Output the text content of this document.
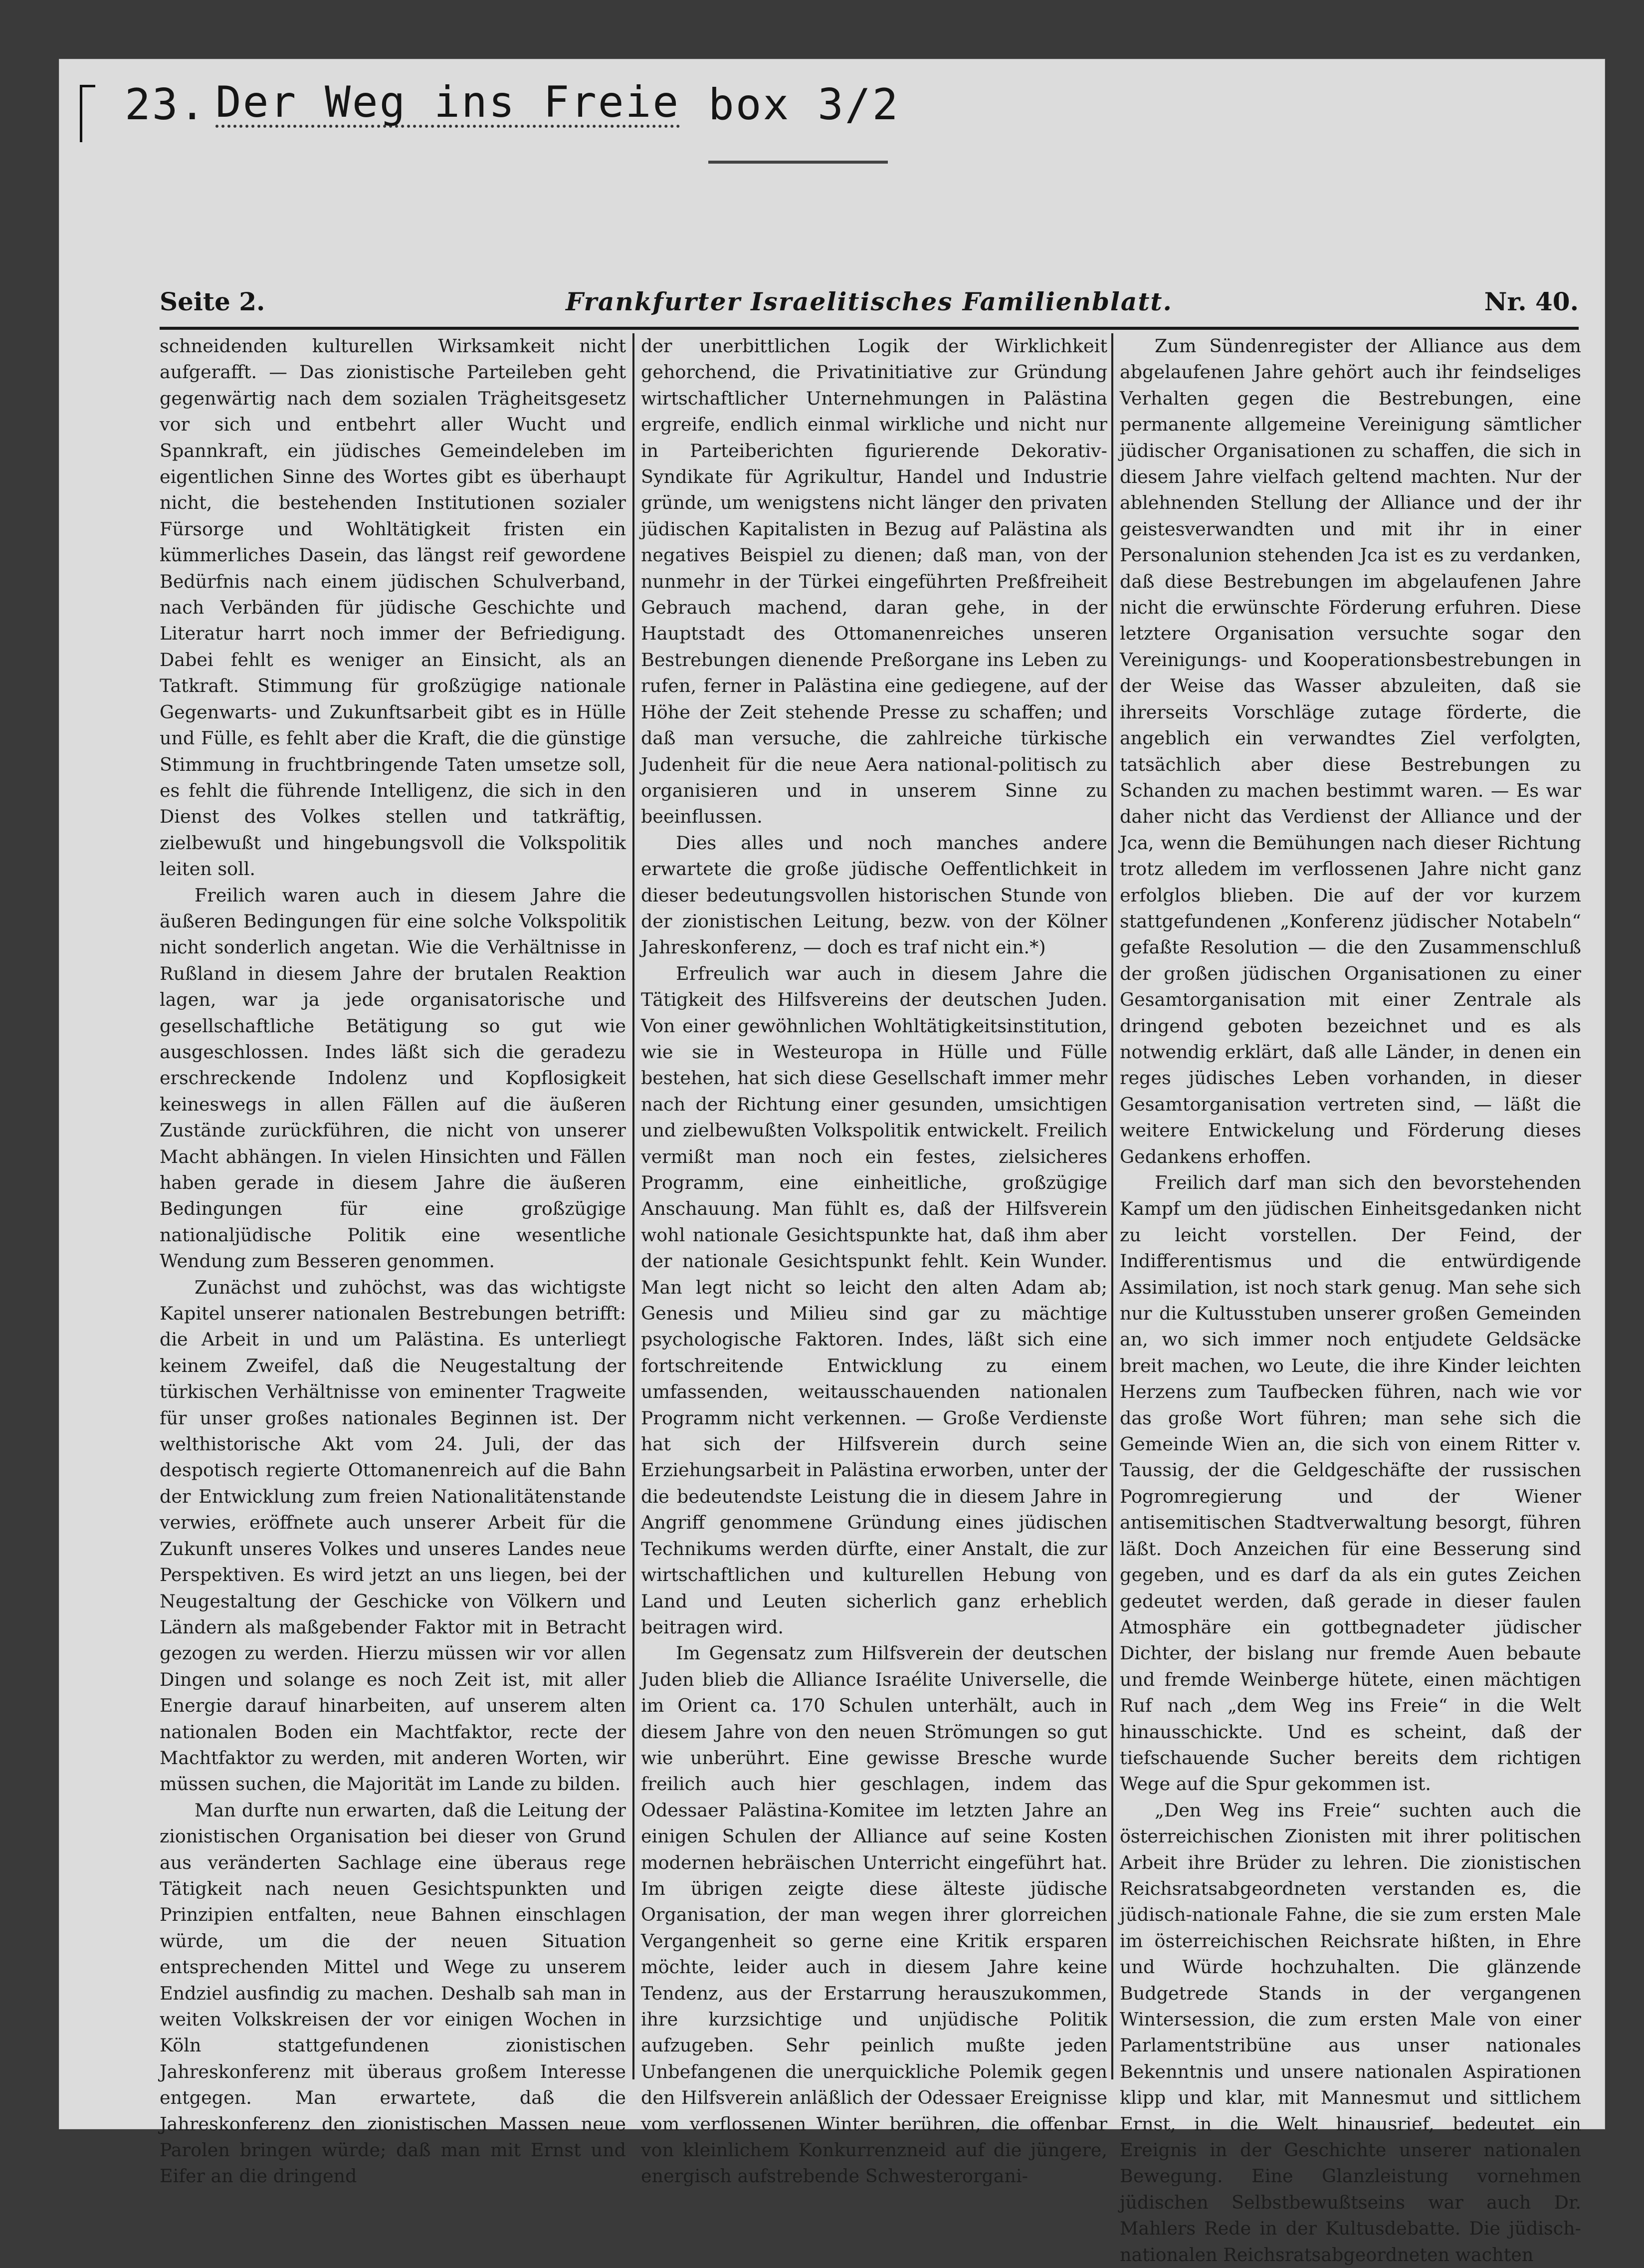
23. Der Weg ins Freie box 3/2
Seite 2.	Frankfurter Israelitisches Familienblatt.	Nr. 40.

schneidenden kulturellen Wirksamkeit nicht aufgerafft. — Das zionistische Parteileben geht gegenwärtig nach dem sozialen Trägheitsgesetz vor sich und entbehrt aller Wucht und Spannkraft, ein jüdisches Gemeindeleben im eigentlichen Sinne des Wortes gibt es überhaupt nicht, die bestehenden Institutionen sozialer Fürsorge und Wohltätigkeit fristen ein kümmerliches Dasein, das längst reif gewordene Bedürfnis nach einem jüdischen Schulverband, nach Verbänden für jüdische Geschichte und Literatur harrt noch immer der Befriedigung. Dabei fehlt es weniger an Einsicht, als an Tatkraft. Stimmung für großzügige nationale Gegenwarts- und Zukunftsarbeit gibt es in Hülle und Fülle, es fehlt aber die Kraft, die die günstige Stimmung in fruchtbringende Taten umsetze soll, es fehlt die führende Intelligenz, die sich in den Dienst des Volkes stellen und tatkräftig, zielbewußt und hingebungsvoll die Volkspolitik leiten soll.

Freilich waren auch in diesem Jahre die äußeren Bedingungen für eine solche Volkspolitik nicht sonderlich angetan. Wie die Verhältnisse in Rußland in diesem Jahre der brutalen Reaktion lagen, war ja jede organisatorische und gesellschaftliche Betätigung so gut wie ausgeschlossen. Indes läßt sich die geradezu erschreckende Indolenz und Kopflosigkeit keineswegs in allen Fällen auf die äußeren Zustände zurückführen, die nicht von unserer Macht abhängen. In vielen Hinsichten und Fällen haben gerade in diesem Jahre die äußeren Bedingungen für eine großzügige nationaljüdische Politik eine wesentliche Wendung zum Besseren genommen.

Zunächst und zuhöchst, was das wichtigste Kapitel unserer nationalen Bestrebungen betrifft: die Arbeit in und um Palästina. Es unterliegt keinem Zweifel, daß die Neugestaltung der türkischen Verhältnisse von eminenter Tragweite für unser großes nationales Beginnen ist. Der welthistorische Akt vom 24. Juli, der das despotisch regierte Ottomanenreich auf die Bahn der Entwicklung zum freien Nationalitätenstande verwies, eröffnete auch unserer Arbeit für die Zukunft unseres Volkes und unseres Landes neue Perspektiven. Es wird jetzt an uns liegen, bei der Neugestaltung der Geschicke von Völkern und Ländern als maßgebender Faktor mit in Betracht gezogen zu werden. Hierzu müssen wir vor allen Dingen und solange es noch Zeit ist, mit aller Energie darauf hinarbeiten, auf unserem alten nationalen Boden ein Machtfaktor, recte der Machtfaktor zu werden, mit anderen Worten, wir müssen suchen, die Majorität im Lande zu bilden.

Man durfte nun erwarten, daß die Leitung der zionistischen Organisation bei dieser von Grund aus veränderten Sachlage eine überaus rege Tätigkeit nach neuen Gesichtspunkten und Prinzipien entfalten, neue Bahnen einschlagen würde, um die der neuen Situation entsprechenden Mittel und Wege zu unserem Endziel ausfindig zu machen. Deshalb sah man in weiten Volkskreisen der vor einigen Wochen in Köln stattgefundenen zionistischen Jahreskonferenz mit überaus großem Interesse entgegen. Man erwartete, daß die Jahreskonferenz den zionistischen Massen neue Parolen bringen würde; daß man mit Ernst und Eifer an die dringend

der unerbittlichen Logik der Wirklichkeit gehorchend, die Privatinitiative zur Gründung wirtschaftlicher Unternehmungen in Palästina ergreife, endlich einmal wirkliche und nicht nur in Parteiberichten figurierende Dekorativ-Syndikate für Agrikultur, Handel und Industrie gründe, um wenigstens nicht länger den privaten jüdischen Kapitalisten in Bezug auf Palästina als negatives Beispiel zu dienen; daß man, von der nunmehr in der Türkei eingeführten Preßfreiheit Gebrauch machend, daran gehe, in der Hauptstadt des Ottomanenreiches unseren Bestrebungen dienende Preßorgane ins Leben zu rufen, ferner in Palästina eine gediegene, auf der Höhe der Zeit stehende Presse zu schaffen; und daß man versuche, die zahlreiche türkische Judenheit für die neue Aera national-politisch zu organisieren und in unserem Sinne zu beeinflussen.

Dies alles und noch manches andere erwartete die große jüdische Oeffentlichkeit in dieser bedeutungsvollen historischen Stunde von der zionistischen Leitung, bezw. von der Kölner Jahreskonferenz, — doch es traf nicht ein.*)

Erfreulich war auch in diesem Jahre die Tätigkeit des Hilfsvereins der deutschen Juden. Von einer gewöhnlichen Wohltätigkeitsinstitution, wie sie in Westeuropa in Hülle und Fülle bestehen, hat sich diese Gesellschaft immer mehr nach der Richtung einer gesunden, umsichtigen und zielbewußten Volkspolitik entwickelt. Freilich vermißt man noch ein festes, zielsicheres Programm, eine einheitliche, großzügige Anschauung. Man fühlt es, daß der Hilfsverein wohl nationale Gesichtspunkte hat, daß ihm aber der nationale Gesichtspunkt fehlt. Kein Wunder. Man legt nicht so leicht den alten Adam ab; Genesis und Milieu sind gar zu mächtige psychologische Faktoren. Indes, läßt sich eine fortschreitende Entwicklung zu einem umfassenden, weitausschauenden nationalen Programm nicht verkennen. — Große Verdienste hat sich der Hilfsverein durch seine Erziehungsarbeit in Palästina erworben, unter der die bedeutendste Leistung die in diesem Jahre in Angriff genommene Gründung eines jüdischen Technikums werden dürfte, einer Anstalt, die zur wirtschaftlichen und kulturellen Hebung von Land und Leuten sicherlich ganz erheblich beitragen wird.

Im Gegensatz zum Hilfsverein der deutschen Juden blieb die Alliance Israélite Universelle, die im Orient ca. 170 Schulen unterhält, auch in diesem Jahre von den neuen Strömungen so gut wie unberührt. Eine gewisse Bresche wurde freilich auch hier geschlagen, indem das Odessaer Palästina-Komitee im letzten Jahre an einigen Schulen der Alliance auf seine Kosten modernen hebräischen Unterricht eingeführt hat. Im übrigen zeigte diese älteste jüdische Organisation, der man wegen ihrer glorreichen Vergangenheit so gerne eine Kritik ersparen möchte, leider auch in diesem Jahre keine Tendenz, aus der Erstarrung herauszukommen, ihre kurzsichtige und unjüdische Politik aufzugeben. Sehr peinlich mußte jeden Unbefangenen die unerquickliche Polemik gegen den Hilfsverein anläßlich der Odessaer Ereignisse vom verflossenen Winter berühren, die offenbar von kleinlichem Konkurrenzneid auf die jüngere, energisch aufstrebende Schwesterorgani-

Zum Sündenregister der Alliance aus dem abgelaufenen Jahre gehört auch ihr feindseliges Verhalten gegen die Bestrebungen, eine permanente allgemeine Vereinigung sämtlicher jüdischer Organisationen zu schaffen, die sich in diesem Jahre vielfach geltend machten. Nur der ablehnenden Stellung der Alliance und der ihr geistesverwandten und mit ihr in einer Personalunion stehenden Jca ist es zu verdanken, daß diese Bestrebungen im abgelaufenen Jahre nicht die erwünschte Förderung erfuhren. Diese letztere Organisation versuchte sogar den Vereinigungs- und Kooperationsbestrebungen in der Weise das Wasser abzuleiten, daß sie ihrerseits Vorschläge zutage förderte, die angeblich ein verwandtes Ziel verfolgten, tatsächlich aber diese Bestrebungen zu Schanden zu machen bestimmt waren. — Es war daher nicht das Verdienst der Alliance und der Jca, wenn die Bemühungen nach dieser Richtung trotz alledem im verflossenen Jahre nicht ganz erfolglos blieben. Die auf der vor kurzem stattgefundenen „Konferenz jüdischer Notabeln“ gefaßte Resolution — die den Zusammenschluß der großen jüdischen Organisationen zu einer Gesamtorganisation mit einer Zentrale als dringend geboten bezeichnet und es als notwendig erklärt, daß alle Länder, in denen ein reges jüdisches Leben vorhanden, in dieser Gesamtorganisation vertreten sind, — läßt die weitere Entwickelung und Förderung dieses Gedankens erhoffen.

Freilich darf man sich den bevorstehenden Kampf um den jüdischen Einheitsgedanken nicht zu leicht vorstellen. Der Feind, der Indifferentismus und die entwürdigende Assimilation, ist noch stark genug. Man sehe sich nur die Kultusstuben unserer großen Gemeinden an, wo sich immer noch entjudete Geldsäcke breit machen, wo Leute, die ihre Kinder leichten Herzens zum Taufbecken führen, nach wie vor das große Wort führen; man sehe sich die Gemeinde Wien an, die sich von einem Ritter v. Taussig, der die Geldgeschäfte der russischen Pogromregierung und der Wiener antisemitischen Stadtverwaltung besorgt, führen läßt. Doch Anzeichen für eine Besserung sind gegeben, und es darf da als ein gutes Zeichen gedeutet werden, daß gerade in dieser faulen Atmosphäre ein gottbegnadeter jüdischer Dichter, der bislang nur fremde Auen bebaute und fremde Weinberge hütete, einen mächtigen Ruf nach „dem Weg ins Freie“ in die Welt hinausschickte. Und es scheint, daß der tiefschauende Sucher bereits dem richtigen Wege auf die Spur gekommen ist.

„Den Weg ins Freie“ suchten auch die österreichischen Zionisten mit ihrer politischen Arbeit ihre Brüder zu lehren. Die zionistischen Reichsratsabgeordneten verstanden es, die jüdisch-nationale Fahne, die sie zum ersten Male im österreichischen Reichsrate hißten, in Ehre und Würde hochzuhalten. Die glänzende Budgetrede Stands in der vergangenen Wintersession, die zum ersten Male von einer Parlamentstribüne aus unser nationales Bekenntnis und unsere nationalen Aspirationen klipp und klar, mit Mannesmut und sittlichem Ernst, in die Welt hinausrief, bedeutet ein Ereignis in der Geschichte unserer nationalen Bewegung. Eine Glanzleistung vornehmen jüdischen Selbstbewußtseins war auch Dr. Mahlers Rede in der Kultusdebatte. Die jüdisch-nationalen Reichsratsabgeordneten wachten
